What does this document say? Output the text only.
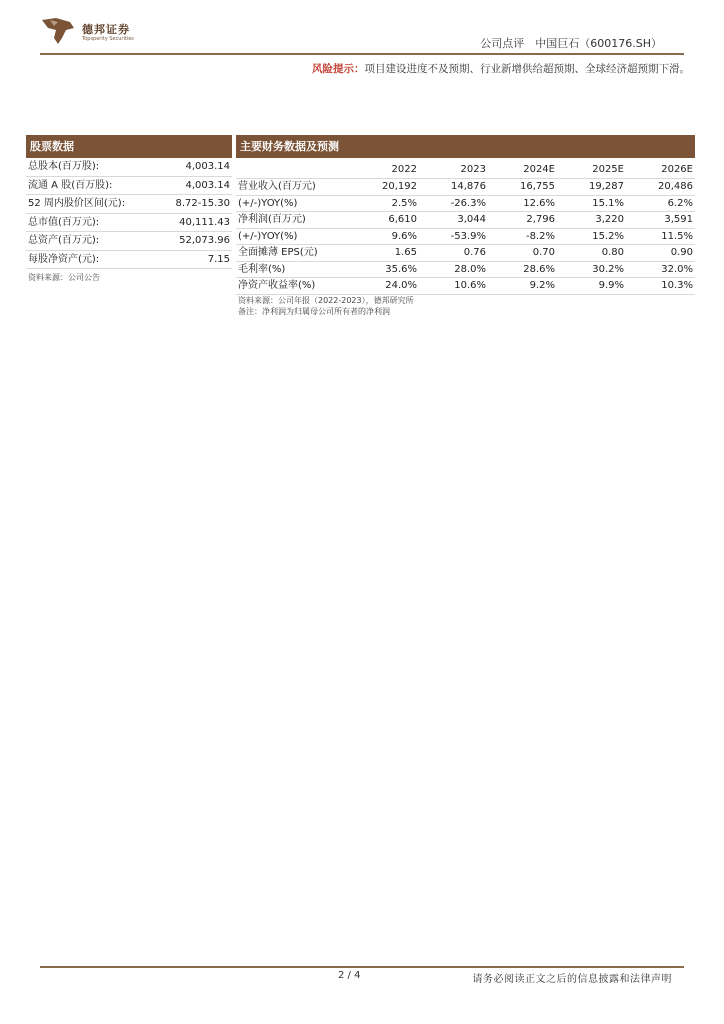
德邦证券
Topsperity Securities	公司点评　中国巨石（600176.SH）
风险提示：项目建设进度不及预期、行业新增供给超预期、全球经济超预期下滑。
股票数据
总股本(百万股):	4,003.14
流通 A 股(百万股):	4,003.14
52 周内股价区间(元):	8.72-15.30
总市值(百万元):	40,111.43
总资产(百万元):	52,073.96
每股净资产(元):	7.15
资料来源：公司公告
主要财务数据及预测
2022	2023	2024E	2025E	2026E
营业收入(百万元)	20,192	14,876	16,755	19,287	20,486
(+/-)YOY(%)	2.5%	-26.3%	12.6%	15.1%	6.2%
净利润(百万元)	6,610	3,044	2,796	3,220	3,591
(+/-)YOY(%)	9.6%	-53.9%	-8.2%	15.2%	11.5%
全面摊薄 EPS(元)	1.65	0.76	0.70	0.80	0.90
毛利率(%)	35.6%	28.0%	28.6%	30.2%	32.0%
净资产收益率(%)	24.0%	10.6%	9.2%	9.9%	10.3%
资料来源：公司年报（2022-2023），德邦研究所
备注：净利润为归属母公司所有者的净利润
2 / 4	请务必阅读正文之后的信息披露和法律声明
